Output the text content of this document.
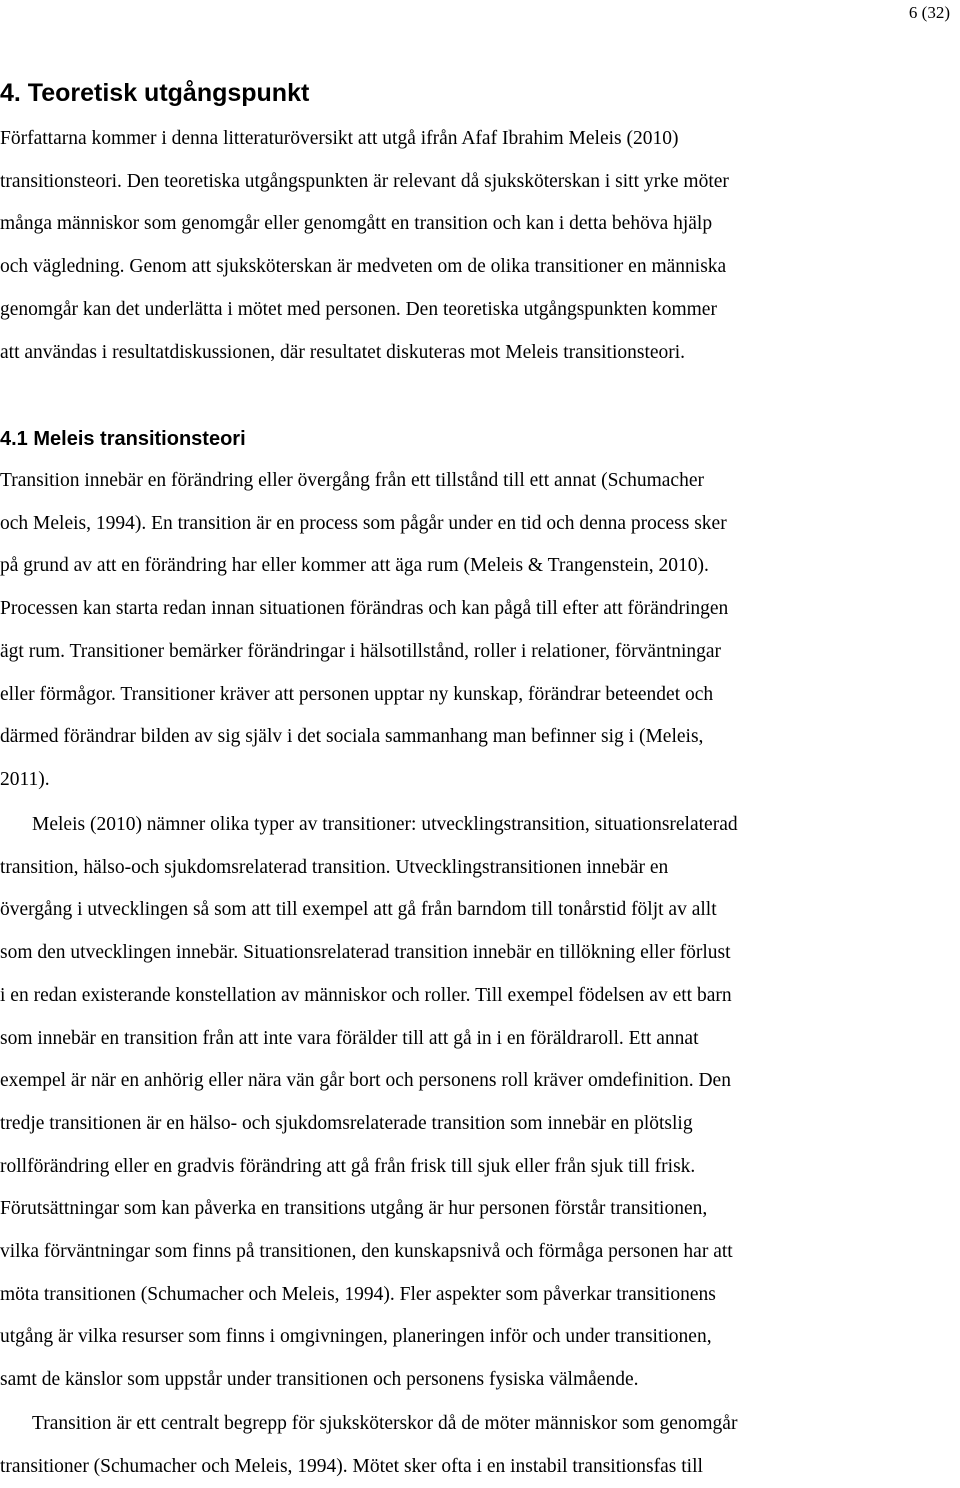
6 (32)
4. Teoretisk utgångspunkt
Författarna kommer i denna litteraturöversikt att utgå ifrån Afaf Ibrahim Meleis (2010)
transitionsteori. Den teoretiska utgångspunkten är relevant då sjuksköterskan i sitt yrke möter
många människor som genomgår eller genomgått en transition och kan i detta behöva hjälp
och vägledning. Genom att sjuksköterskan är medveten om de olika transitioner en människa
genomgår kan det underlätta i mötet med personen. Den teoretiska utgångspunkten kommer
att användas i resultatdiskussionen, där resultatet diskuteras mot Meleis transitionsteori.
4.1 Meleis transitionsteori
Transition innebär en förändring eller övergång från ett tillstånd till ett annat (Schumacher
och Meleis, 1994). En transition är en process som pågår under en tid och denna process sker
på grund av att en förändring har eller kommer att äga rum (Meleis & Trangenstein, 2010).
Processen kan starta redan innan situationen förändras och kan pågå till efter att förändringen
ägt rum. Transitioner bemärker förändringar i hälsotillstånd, roller i relationer, förväntningar
eller förmågor. Transitioner kräver att personen upptar ny kunskap, förändrar beteendet och
därmed förändrar bilden av sig själv i det sociala sammanhang man befinner sig i (Meleis,
2011).
Meleis (2010) nämner olika typer av transitioner: utvecklingstransition, situationsrelaterad
transition, hälso-och sjukdomsrelaterad transition. Utvecklingstransitionen innebär en
övergång i utvecklingen så som att till exempel att gå från barndom till tonårstid följt av allt
som den utvecklingen innebär. Situationsrelaterad transition innebär en tillökning eller förlust
i en redan existerande konstellation av människor och roller. Till exempel födelsen av ett barn
som innebär en transition från att inte vara förälder till att gå in i en föräldraroll. Ett annat
exempel är när en anhörig eller nära vän går bort och personens roll kräver omdefinition. Den
tredje transitionen är en hälso- och sjukdomsrelaterade transition som innebär en plötslig
rollförändring eller en gradvis förändring att gå från frisk till sjuk eller från sjuk till frisk.
Förutsättningar som kan påverka en transitions utgång är hur personen förstår transitionen,
vilka förväntningar som finns på transitionen, den kunskapsnivå och förmåga personen har att
möta transitionen (Schumacher och Meleis, 1994). Fler aspekter som påverkar transitionens
utgång är vilka resurser som finns i omgivningen, planeringen inför och under transitionen,
samt de känslor som uppstår under transitionen och personens fysiska välmående.
Transition är ett centralt begrepp för sjuksköterskor då de möter människor som genomgår
transitioner (Schumacher och Meleis, 1994). Mötet sker ofta i en instabil transitionsfas till
